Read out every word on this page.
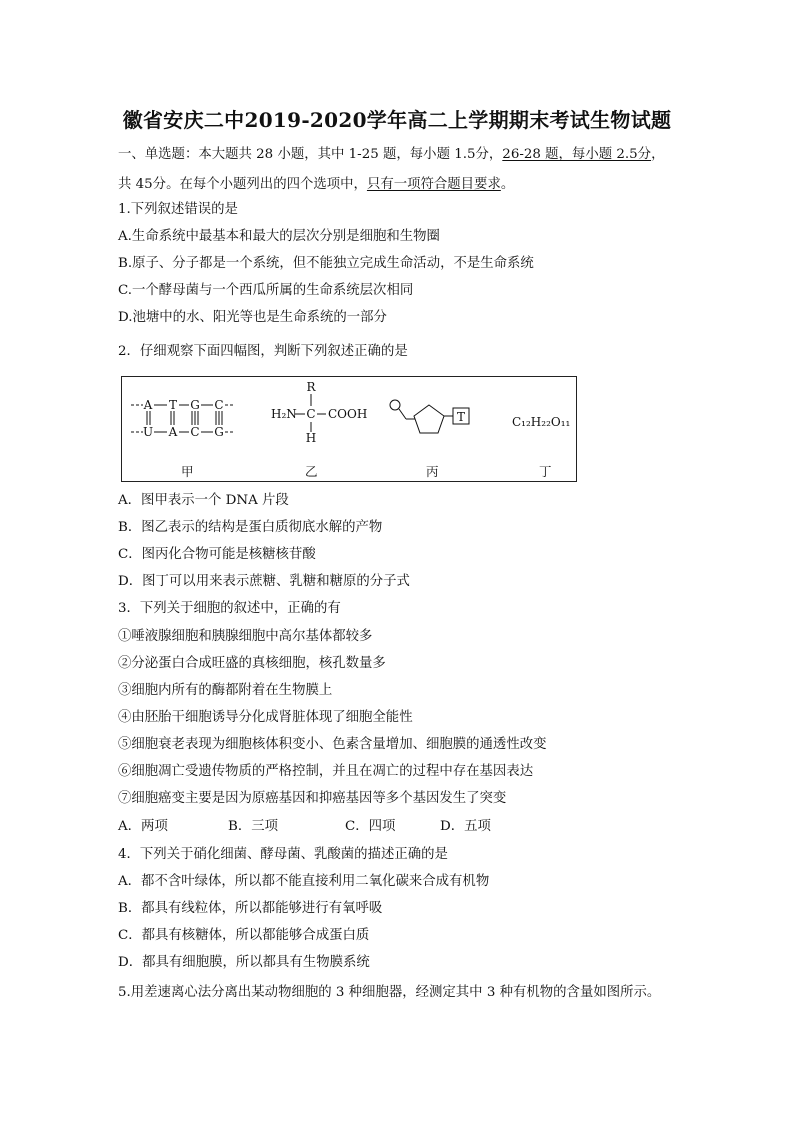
徽省安庆二中2019-2020学年高二上学期期末考试生物试题
一、单选题：本大题共 28 小题，其中 1-25 题，每小题 1.5分，26-28 题，每小题 2.5分，
共 45分。在每个小题列出的四个选项中，只有一项符合题目要求。
1.下列叙述错误的是
A.生命系统中最基本和最大的层次分别是细胞和生物圈
B.原子、分子都是一个系统，但不能独立完成生命活动，不是生命系统
C.一个酵母菌与一个西瓜所属的生命系统层次相同
D.池塘中的水、阳光等也是生命系统的一部分
2．仔细观察下面四幅图，判断下列叙述正确的是
A T G C
U A C G
R
H₂N C COOH
H
T	C₁₂H₂₂O₁₁
甲	乙	丙	丁
A．图甲表示一个 DNA 片段
B．图乙表示的结构是蛋白质彻底水解的产物
C．图丙化合物可能是核糖核苷酸
D．图丁可以用来表示蔗糖、乳糖和糖原的分子式
3．下列关于细胞的叙述中，正确的有
①唾液腺细胞和胰腺细胞中高尔基体都较多
②分泌蛋白合成旺盛的真核细胞，核孔数量多
③细胞内所有的酶都附着在生物膜上
④由胚胎干细胞诱导分化成肾脏体现了细胞全能性
⑤细胞衰老表现为细胞核体积变小、色素含量增加、细胞膜的通透性改变
⑥细胞凋亡受遗传物质的严格控制，并且在凋亡的过程中存在基因表达
⑦细胞癌变主要是因为原癌基因和抑癌基因等多个基因发生了突变
A．两项	B．三项	C．四项	D．五项
4．下列关于硝化细菌、酵母菌、乳酸菌的描述正确的是
A．都不含叶绿体，所以都不能直接利用二氧化碳来合成有机物
B．都具有线粒体，所以都能够进行有氧呼吸
C．都具有核糖体，所以都能够合成蛋白质
D．都具有细胞膜，所以都具有生物膜系统
5.用差速离心法分离出某动物细胞的 3 种细胞器，经测定其中 3 种有机物的含量如图所示。
